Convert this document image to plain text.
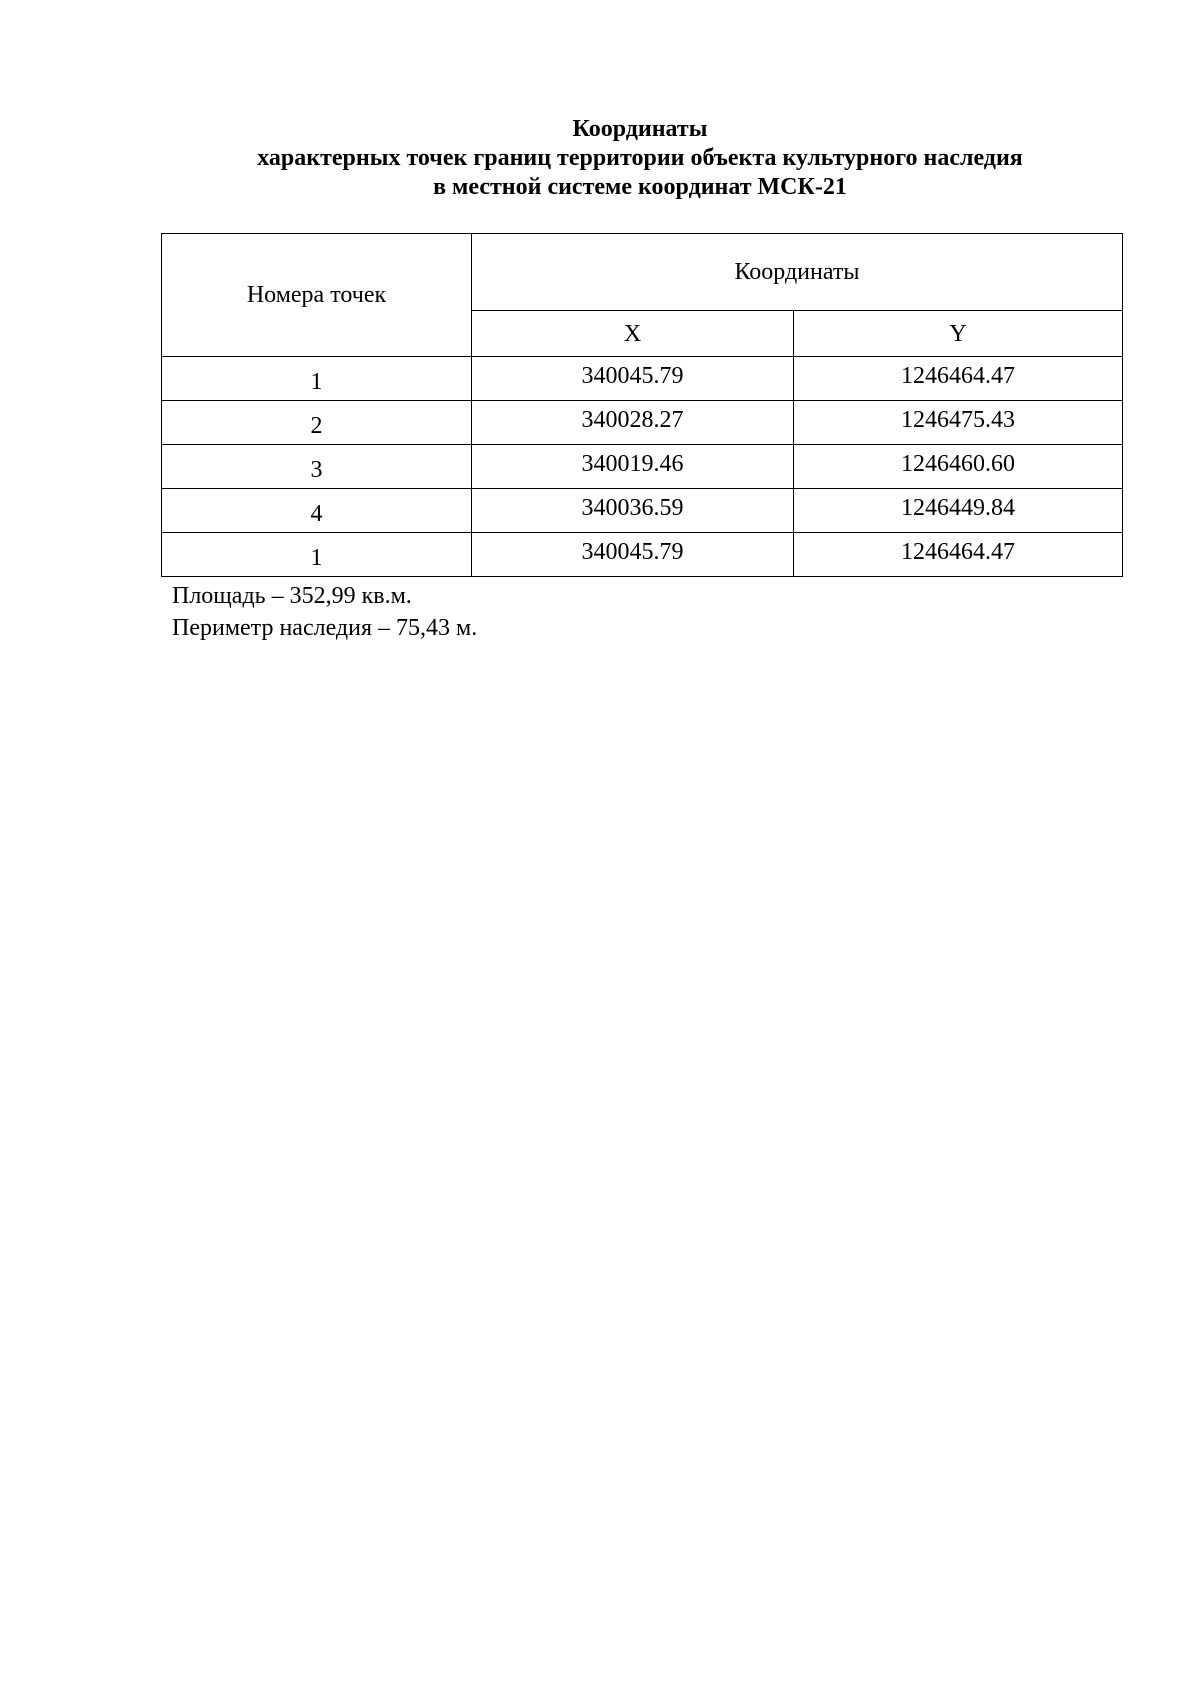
Координаты
характерных точек границ территории объекта культурного наследия
в местной системе координат МСК-21
Номера точек	Координаты	
	X	Y
1	340045.79	1246464.47
2	340028.27	1246475.43
3	340019.46	1246460.60
4	340036.59	1246449.84
1	340045.79	1246464.47
Площадь – 352,99 кв.м.
Периметр наследия – 75,43 м.
